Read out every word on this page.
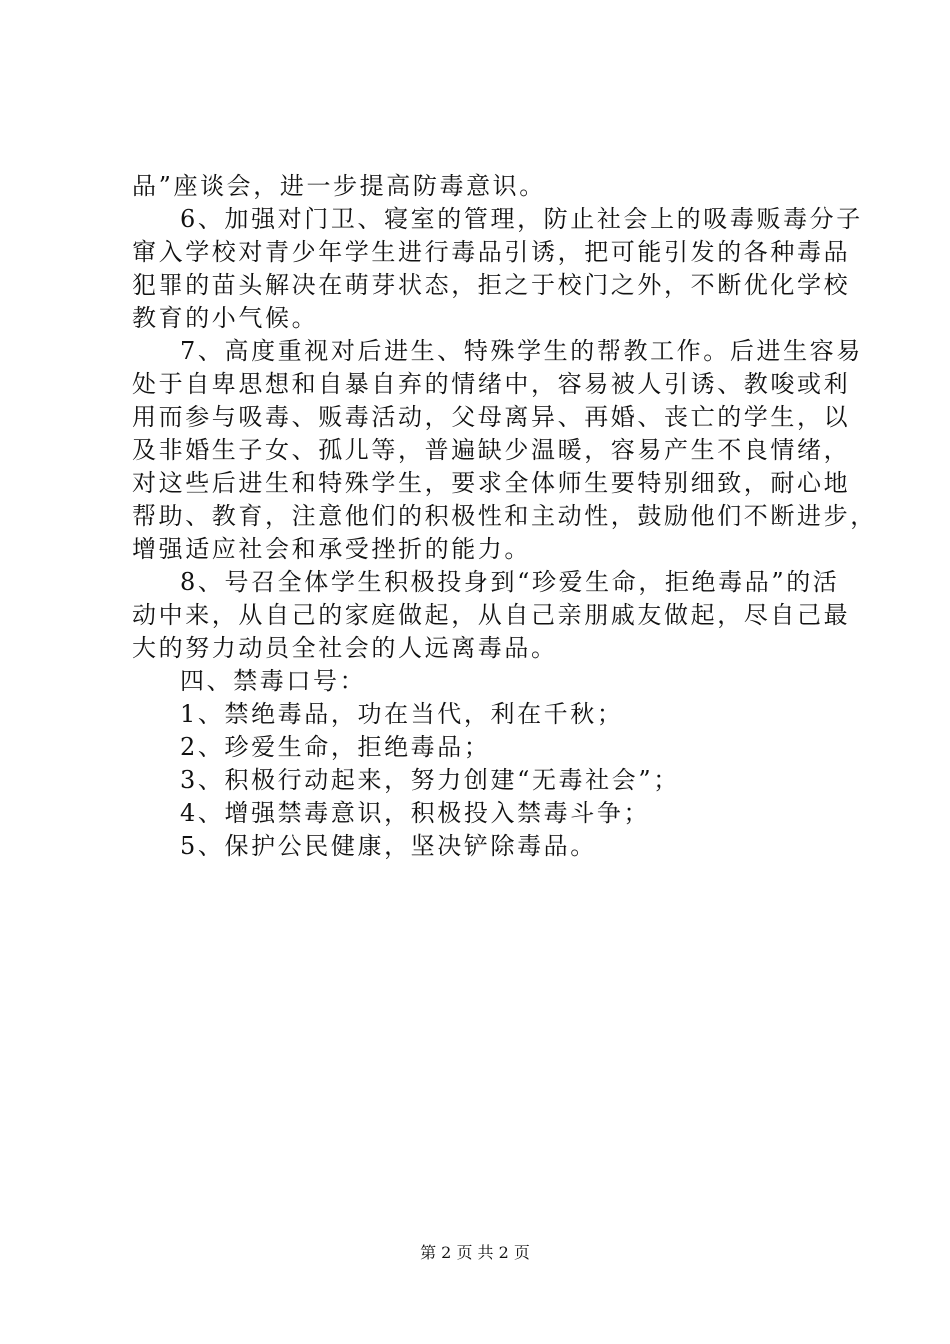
品”座谈会，进一步提高防毒意识。
6、加强对门卫、寝室的管理，防止社会上的吸毒贩毒分子
窜入学校对青少年学生进行毒品引诱，把可能引发的各种毒品
犯罪的苗头解决在萌芽状态，拒之于校门之外，不断优化学校
教育的小气候。
7、高度重视对后进生、特殊学生的帮教工作。后进生容易
处于自卑思想和自暴自弃的情绪中，容易被人引诱、教唆或利
用而参与吸毒、贩毒活动，父母离异、再婚、丧亡的学生，以
及非婚生子女、孤儿等，普遍缺少温暖，容易产生不良情绪，
对这些后进生和特殊学生，要求全体师生要特别细致，耐心地
帮助、教育，注意他们的积极性和主动性，鼓励他们不断进步，
增强适应社会和承受挫折的能力。
8、号召全体学生积极投身到“珍爱生命，拒绝毒品”的活
动中来，从自己的家庭做起，从自己亲朋戚友做起，尽自己最
大的努力动员全社会的人远离毒品。
四、禁毒口号：
1、禁绝毒品，功在当代，利在千秋；
2、珍爱生命，拒绝毒品；
3、积极行动起来，努力创建“无毒社会”；
4、增强禁毒意识，积极投入禁毒斗争；
5、保护公民健康，坚决铲除毒品。
第 2 页 共 2 页
